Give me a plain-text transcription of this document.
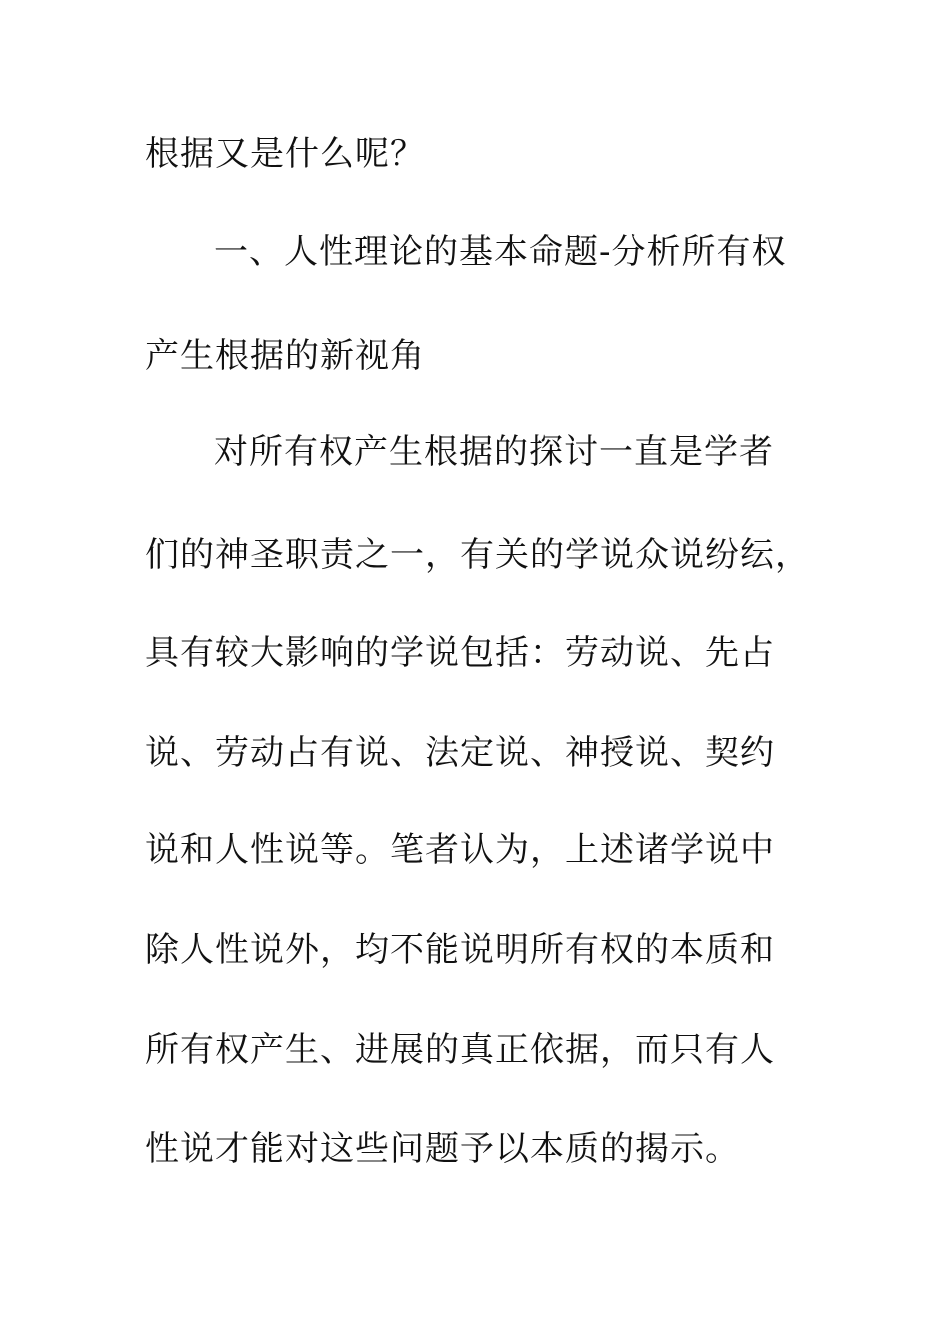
根据又是什么呢？
一、人性理论的基本命题-分析所有权
产生根据的新视角
对所有权产生根据的探讨一直是学者
们的神圣职责之一，有关的学说众说纷纭，
具有较大影响的学说包括：劳动说、先占
说、劳动占有说、法定说、神授说、契约
说和人性说等。笔者认为，上述诸学说中
除人性说外，均不能说明所有权的本质和
所有权产生、进展的真正依据，而只有人
性说才能对这些问题予以本质的揭示。
